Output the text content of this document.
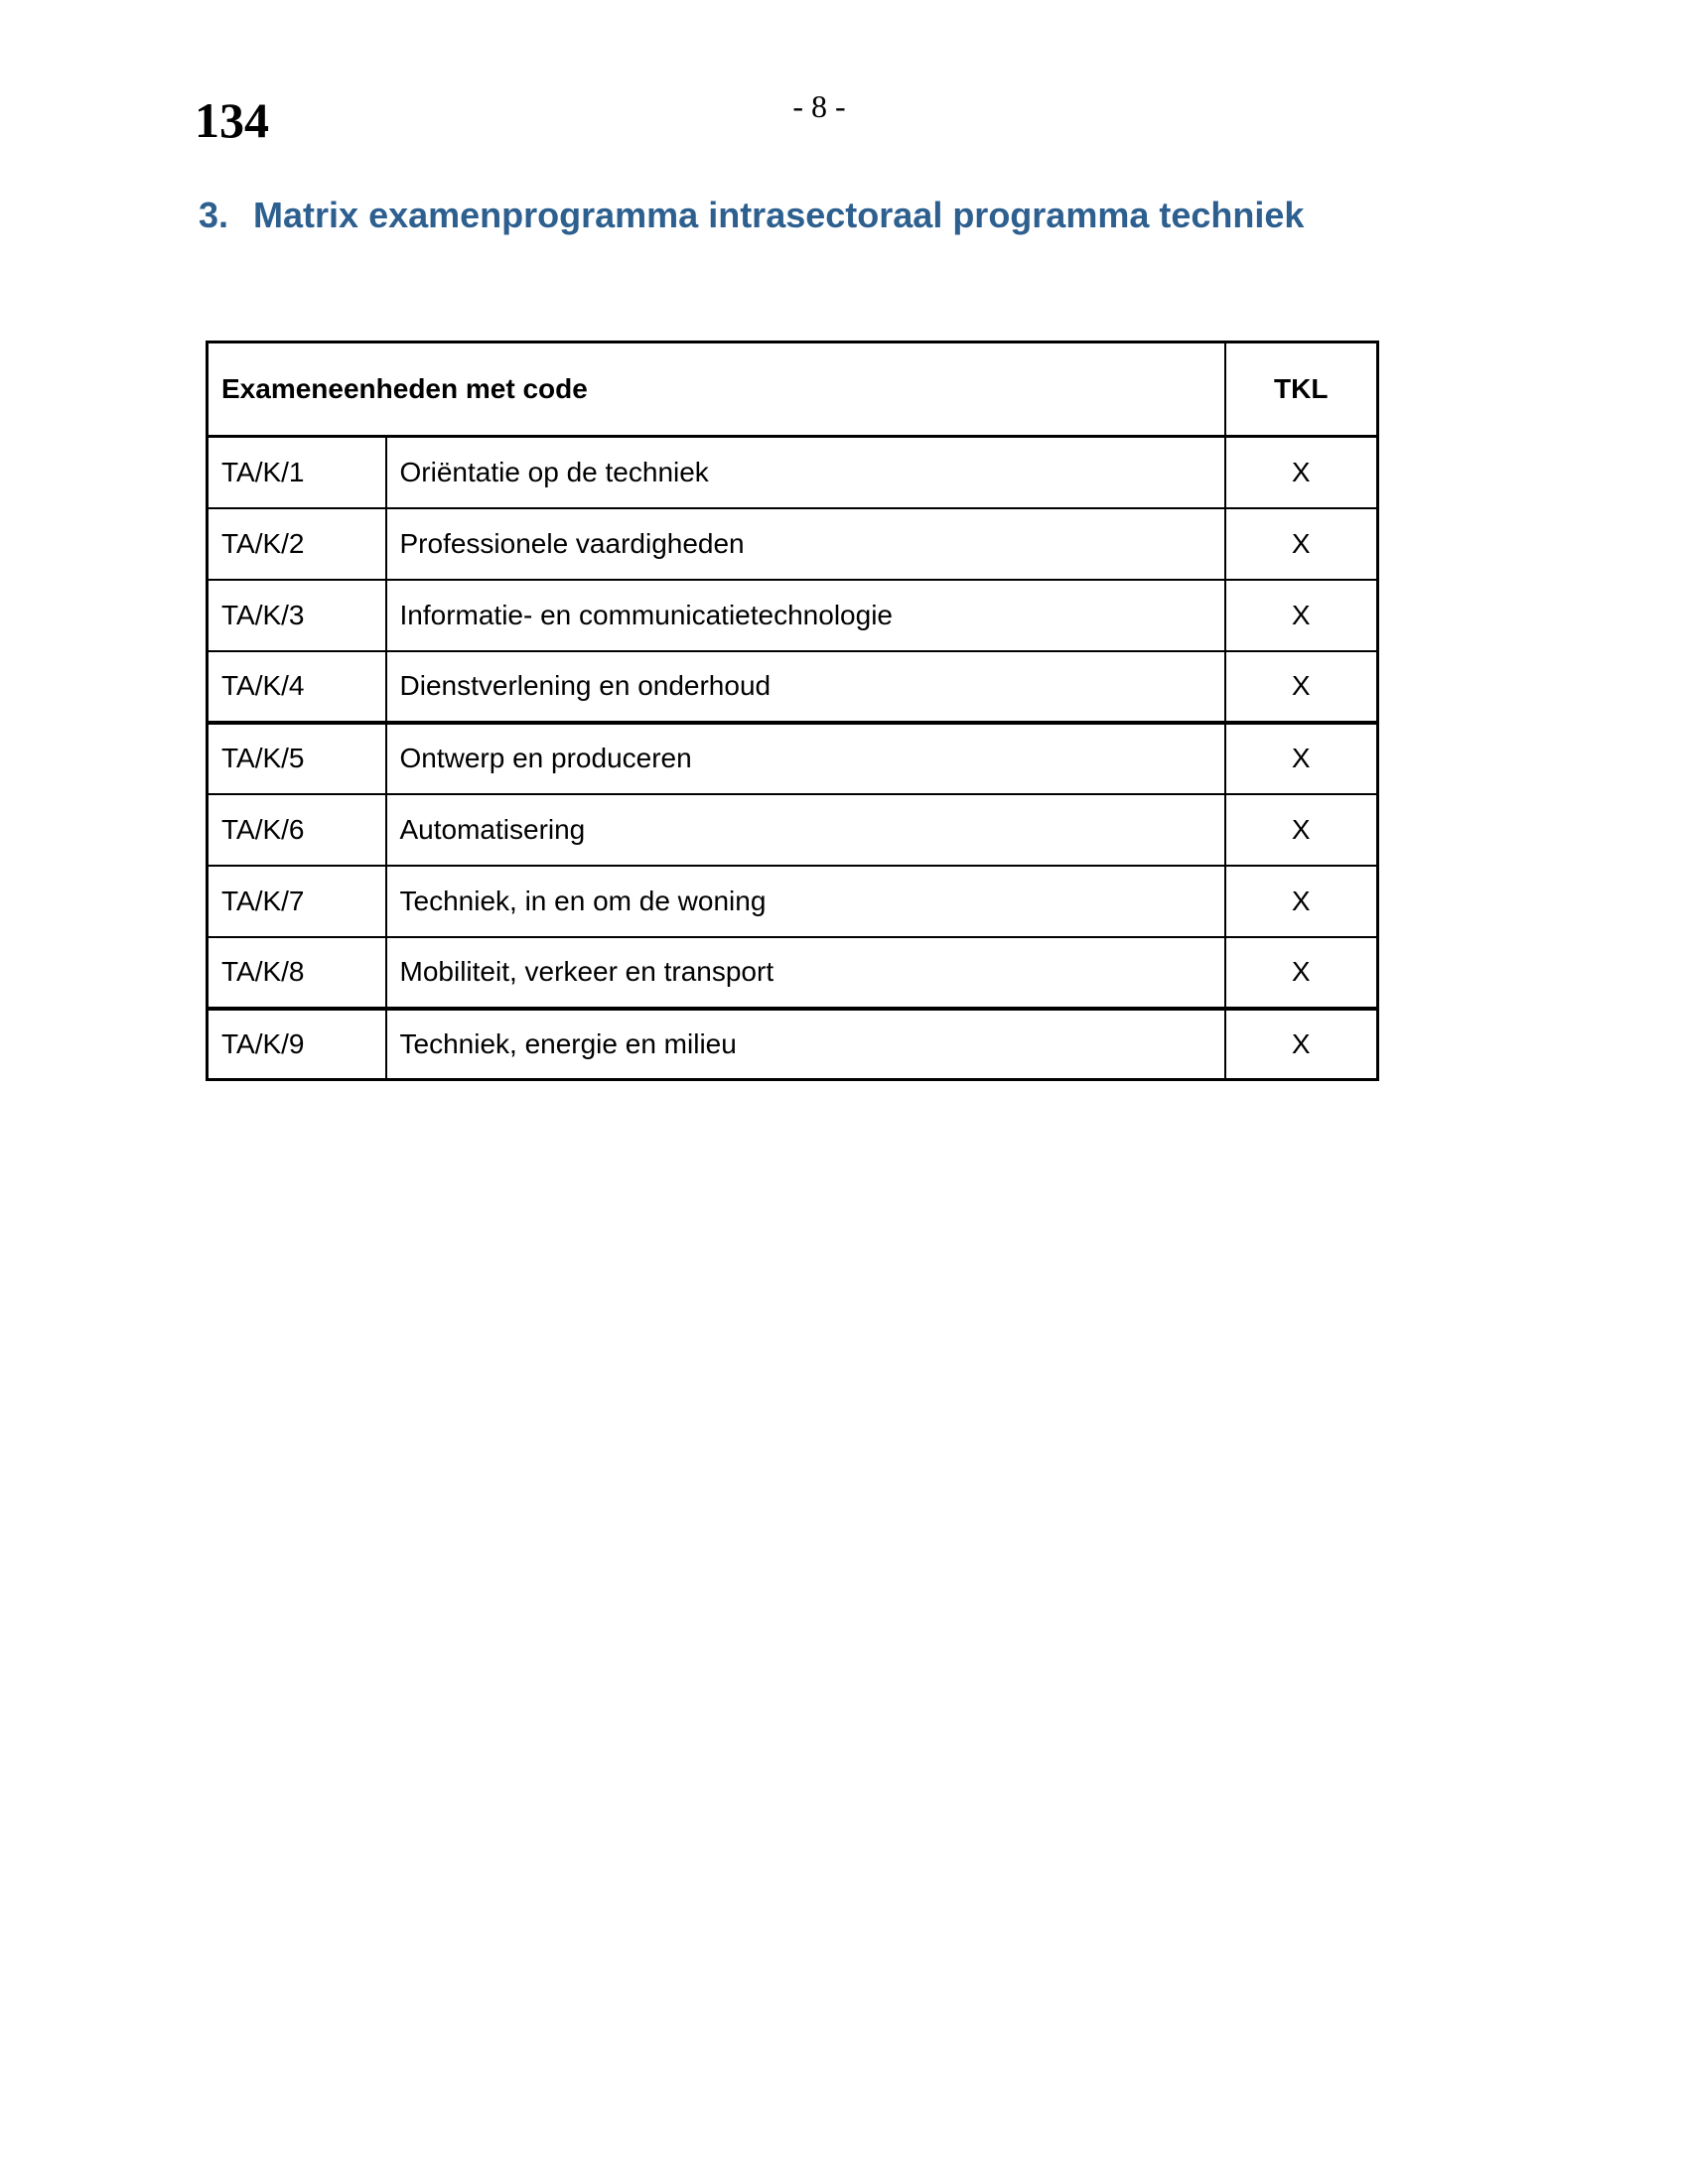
134	- 8 -
3. Matrix examenprogramma intrasectoraal programma techniek
Exameneenheden met code		TKL
TA/K/1	Oriëntatie op de techniek	X
TA/K/2	Professionele vaardigheden	X
TA/K/3	Informatie- en communicatietechnologie	X
TA/K/4	Dienstverlening en onderhoud	X
TA/K/5	Ontwerp en produceren	X
TA/K/6	Automatisering	X
TA/K/7	Techniek, in en om de woning	X
TA/K/8	Mobiliteit, verkeer en transport	X
TA/K/9	Techniek, energie en milieu	X
